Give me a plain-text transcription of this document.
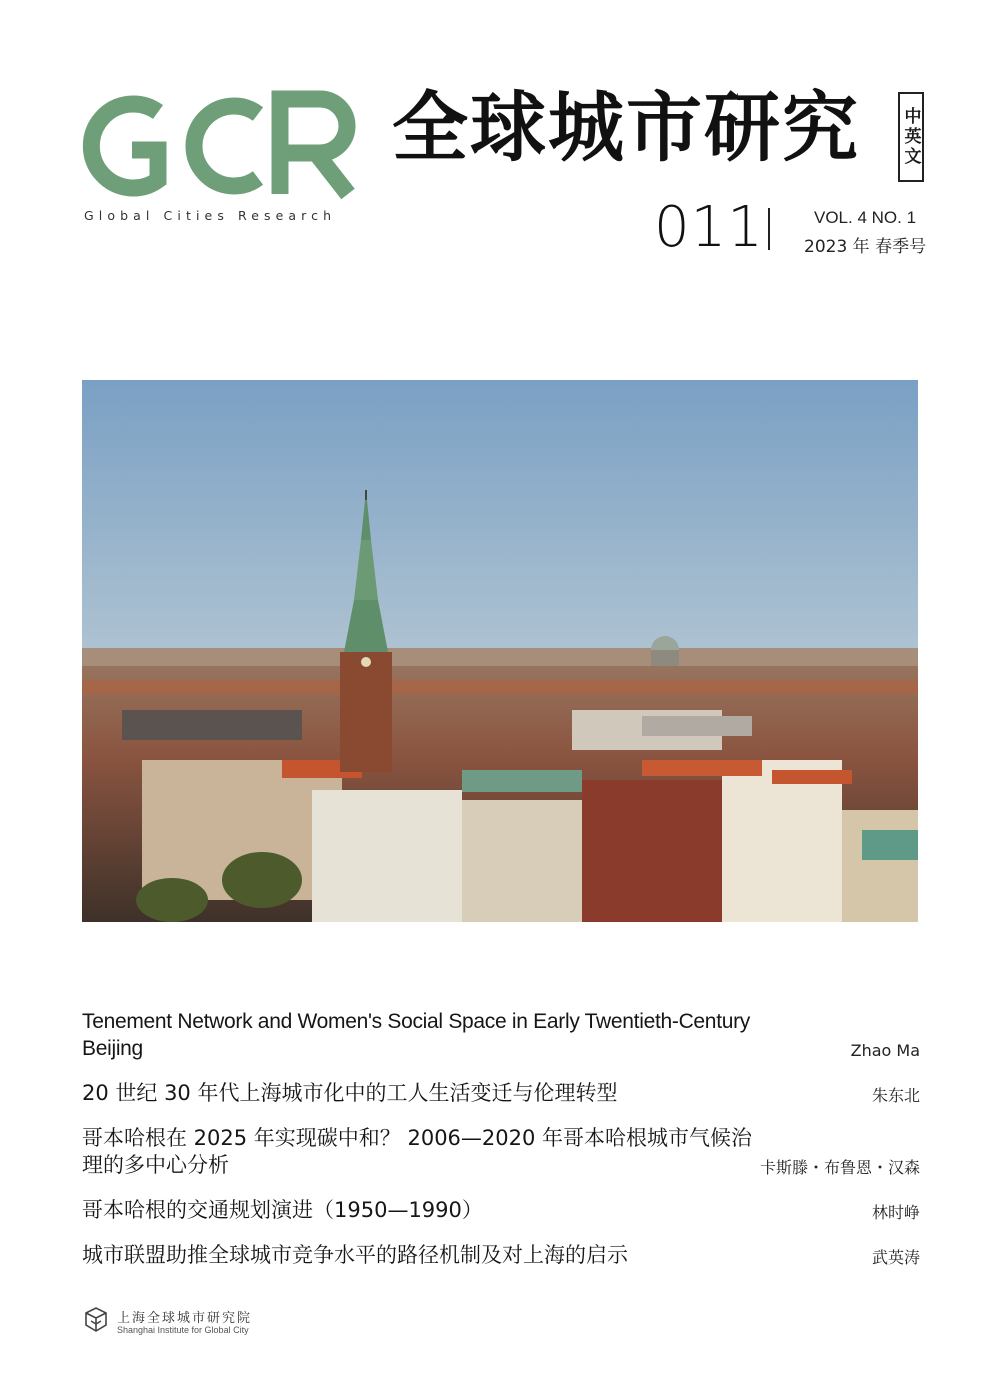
Global Cities Research
全球城市研究 中英文
011	VOL. 4 NO. 1
2023 年 春季号
Tenement Network and Women's Social Space in Early Twentieth-Century Beijing	Zhao Ma
20 世纪 30 年代上海城市化中的工人生活变迁与伦理转型	朱东北
哥本哈根在 2025 年实现碳中和？ 2006—2020 年哥本哈根城市气候治理的多中心分析	卡斯滕・布鲁恩・汉森
哥本哈根的交通规划演进（1950—1990）	林时峥
城市联盟助推全球城市竞争水平的路径机制及对上海的启示	武英涛
上海全球城市研究院
Shanghai Institute for Global City
